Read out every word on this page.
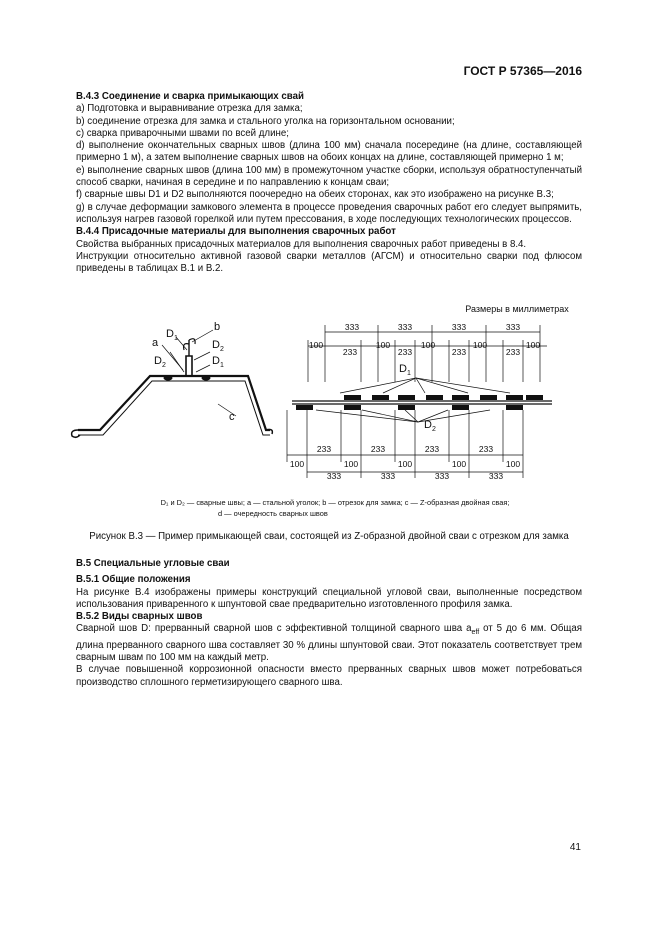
ГОСТ Р 57365—2016
В.4.3 Соединение и сварка примыкающих свай
а) Подготовка и выравнивание отрезка для замка;
b) соединение отрезка для замка и стального уголка на горизонтальном основании;
с) сварка приварочными швами по всей длине;
d) выполнение окончательных сварных швов (длина 100 мм) сначала посередине (на длине, составляющей примерно 1 м), а затем выполнение сварных швов на обоих концах на длине, составляющей примерно 1 м;
е) выполнение сварных швов (длина 100 мм) в промежуточном участке сборки, используя обратноступенчатый способ сварки, начиная в середине и по направлению к концам сваи;
f) сварные швы D1 и D2 выполняются поочередно на обеих сторонах, как это изображено на рисунке В.3;
g) в случае деформации замкового элемента в процессе проведения сварочных работ его следует выпрямить, используя нагрев газовой горелкой или путем прессования, в ходе последующих технологических процессов.
В.4.4 Присадочные материалы для выполнения сварочных работ
Свойства выбранных присадочных материалов для выполнения сварочных работ приведены в 8.4.
Инструкции относительно активной газовой сварки металлов (АГСМ) и относительно сварки под флюсом приведены в таблицах В.1 и В.2.
D 1
a
D 2
b
D 2
D 1
c
Размеры в миллиметрах
333	333	333	333
100
233
100
233
100
233
100
233
100
233	233	233	233
100	100	100	100	100
333	333	333	333
D 1
D 2
D₁ и D₂ — сварные швы; a — стальной уголок; b — отрезок для замка; c — Z-образная двойная свая;
d — очередность сварных швов
Рисунок В.3 — Пример примыкающей сваи, состоящей из Z-образной двойной сваи с отрезком для замка
В.5 Специальные угловые сваи
В.5.1 Общие положения
На рисунке В.4 изображены примеры конструкций специальной угловой сваи, выполненные посредством использования приваренного к шпунтовой свае предварительно изготовленного профиля замка.
В.5.2 Виды сварных швов
Сварной шов D: прерванный сварной шов с эффективной толщиной сварного шва $a_{eff}$ от 5 до 6 мм. Общая длина прерванного сварного шва составляет 30 % длины шпунтовой сваи. Этот показатель соответствует трем сварным швам по 100 мм на каждый метр.
В случае повышенной коррозионной опасности вместо прерванных сварных швов может потребоваться производство сплошного герметизирующего сварного шва.
41
